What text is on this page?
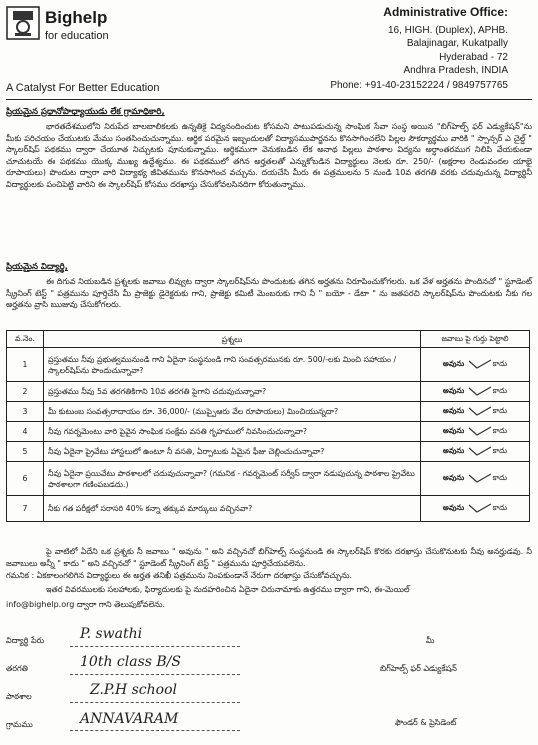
Bighelp
for education
A Catalyst For Better Education
Administrative Office:
16, HIGH. (Duplex), APHB.
Balajinagar, Kukatpally
Hyderabad - 72
Andhra Pradesh, INDIA
Phone: +91-40-23152224 / 9849757765
ప్రియమైన ప్రధానోపాధ్యాయుడు లేక గ్రామాధికారి,
భారతదేశములోని నిరుపేద బాలబాలికలకు ఉన్నతికై విద్యనందించుట కోసమని పాటుపడుచున్న సాంఘిక సేవా సంస్థ అయిన "బిగ్‌హెల్ప్ ఫర్ ఎడ్యుకేషన్"ను మీకు పరిచయం చేయుటకు మేము సంతసించుచున్నాము. ఆర్థిక పరమైన ఇబ్బందులతో విద్యాసముపార్జనను కొనసాగించలేని పిల్లల సౌకర్యార్థము వారికి " స్పాన్సర్ ఎ చైల్డ్ " స్కాలర్‌షిప్ పథకము ద్వారా చేయూత నిచ్చుటకు పూనుకున్నాము. ఆర్థికముగా వెనుకబడిన లేక అనాథ పిల్లలు పాఠశాల విద్యను అర్ధాంతరముగ నిలిపి వేయకుండా చూచుటయే ఈ పథకము యొక్క ముఖ్య ఉద్దేశ్యము. ఈ పథకములో తగిన అర్హతలతో ఎన్నుకోబడిన విద్యార్థులు నెలకు రూ. 250/- (అక్షరాల రెండువందల యాభై రూపాయలు) పొందుట ద్వారా వారి విద్యాభ్య జీవితమును కొనసాగించ వచ్చును. దయచేసి మీరు ఈ పత్రములను 5 నుండి 10వ తరగతి వరకు చదువుచున్న విద్యార్థినీ విద్యార్థులకు పంచిపెట్టి వారిని ఈ స్కాలర్‌షిప్ కోసము దరఖాస్తు చేసుకోవలసినదిగా కోరుతున్నాము.
ప్రియమైన విద్యార్థి,
ఈ దిగువ నియబడిన ప్రశ్నలకు జవాబు లివ్వుట ద్వారా స్కాలర్‌షిప్‌ను పొందుటకు తగిన అర్హతను నిరూపించుకోగలరు. ఒక వేళ అర్హతను పొందినచో " స్టూడెంట్ స్క్రీనింగ్ టెస్ట్ " పత్రమును పూర్తిచేసి మీ ప్రాజెక్టు డైరెక్టరుకు గాని, ప్రాజెక్టు కమిటీ మెంబరుకు గాని నీ " బయో - డేటా " ను జతపరచి స్కాలర్‌షిప్‌ను పొందుటకు నీకు గల అర్హతను వ్రాసి ఋజువు చేసుకోగలరు.
వ.నెం.	ప్రశ్నలు	జవాబు పై గుర్తు పెట్టాలి
1	ప్రస్తుతము నీవు ప్రభుత్వమునుండి గాని ఏదైనా సంస్థనుండి గాని సంవత్సరమునకు రూ. 500/-లకు మించి సహాయం / స్కాలర్‌షిప్‌ను పొందుచున్నావా?	అవును కాదు
2	ప్రస్తుతము నీవు 5వ తరగతికిగాని 10వ తరగతి పైగాని చదువుచున్నావా?	అవును కాదు
3	మీ కుటుంబ సంవత్సరాదాయం రూ. 36,000/- (ముప్పైఆరు వేల రూపాయలు) మించియున్నదా?	అవును కాదు
4	నీవు గవర్నమెంటు వారి పైవైన సాంఘిక సంక్షేమ వసతి గృహములో నివసించుచున్నావా?	అవును కాదు
5	నీవు ఏదైనా ప్రైవేటు హాస్టలులో ఉంటూ నీ వసతి, ఏర్పాటుకు ఏమైన ఫీజు చెల్లించుచున్నావా?	అవును కాదు
6	నీవు ఏదైనా ప్రయివేటు పాఠశాలలో చదువుచున్నావా? (గమనిక - గవర్నమెంట్ సర్వీస్ ద్వారా నడుపుచున్న పాఠశాల ప్రైవేటు పాఠశాలగా గణింపబడదు.)	అవును కాదు
7	నీకు గత పరీక్షలో సరాసరి 40% కన్నా తక్కువ మార్కులు వచ్చినవా?	అవును కాదు
పై వాటిలో ఏదేని ఒక ప్రశ్నకు నీ జవాబు " అవును " అని వచ్చినచో బిగ్‌హెల్ప్ సంస్థనుండి ఈ స్కాలర్‌షిప్ కొరకు దరఖాస్తు చేసుకొనుటకు నీవు అనర్హుడవు. నీ జవాబులు అన్నీ " కాదు " అని వచ్చినచో " స్టూడెంట్ స్క్రీనింగ్ టెస్ట్ " పత్రమును పూర్తిచేయవలెను.
గమనిక : ఏకకాలంగలిగిన విద్యార్థులు ఈ అర్హత తనిఖీ పత్రమును నింపకుండానే నేరుగా దరఖాస్తు చేసుకోవచ్చును.
ఇతర వివరములకు సలహాలకు, ఫిర్యాదులకు పై నుదహరించిన ఏదైనా చిరునామాకు ఉత్తరము ద్వారా గాని, ఈ-మెయిల్
info@bighelp.org ద్వారా గాని తెలుపుకోవలెను.
విద్యార్థి పేరు	P. swathi
తరగతి	10th class B/S
పాఠశాల	Z.P.H school
గ్రామము	ANNAVARAM
మీ
బిగ్‌హెల్ప్ ఫర్ ఎడ్యుకేషన్
ఫౌండర్ & ప్రెసిడెంట్
